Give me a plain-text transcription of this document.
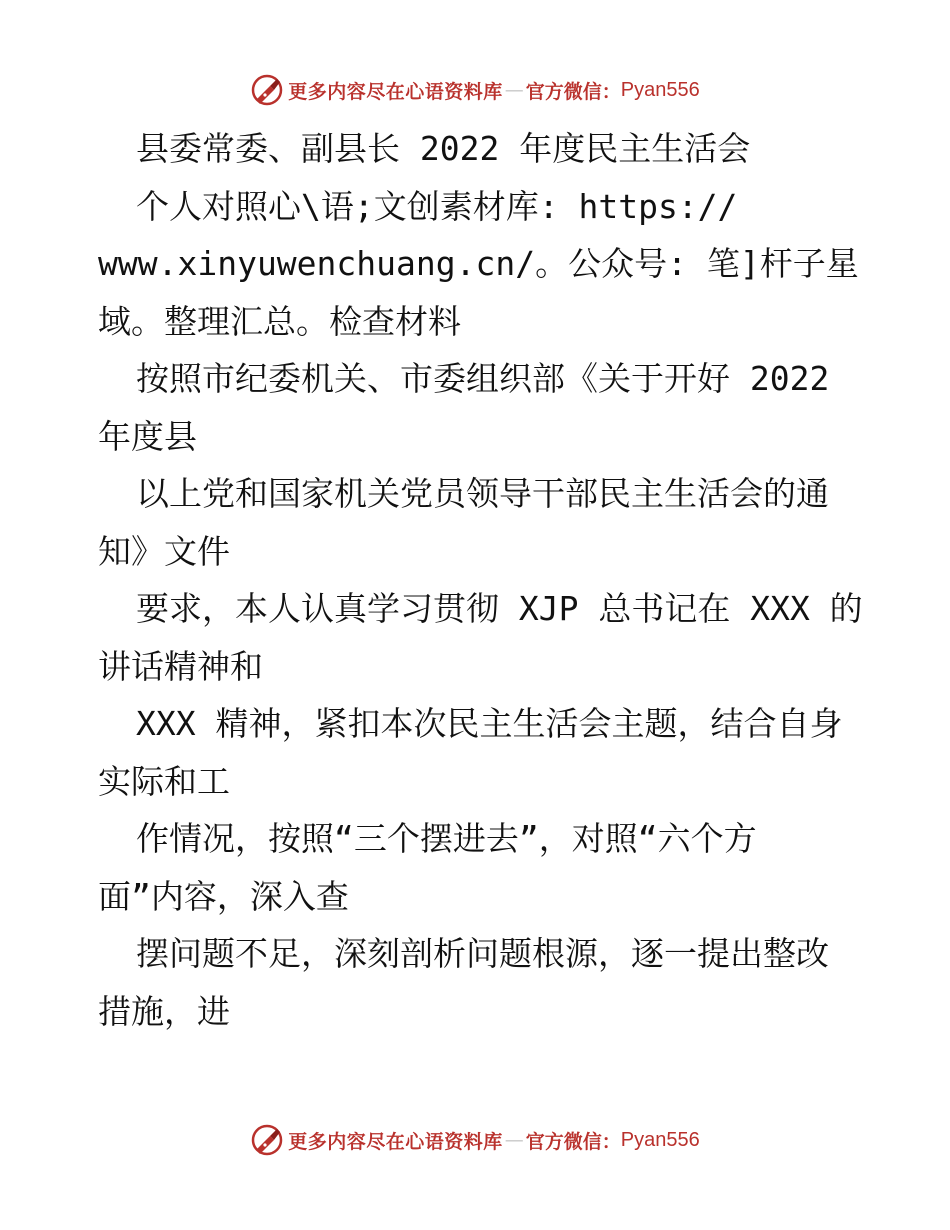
更多内容尽在心语资料库 — 官方微信： Pyan556
县委常委、副县长 2022 年度民主生活会
个人对照心\语;文创素材库: https://
www.xinyuwenchuang.cn/。公众号: 笔]杆子星
域。整理汇总。检查材料
按照市纪委机关、市委组织部《关于开好 2022
年度县
以上党和国家机关党员领导干部民主生活会的通
知》文件
要求，本人认真学习贯彻 XJP 总书记在 XXX 的
讲话精神和
XXX 精神，紧扣本次民主生活会主题，结合自身
实际和工
作情况，按照“三个摆进去”，对照“六个方
面”内容，深入查
摆问题不足，深刻剖析问题根源，逐一提出整改
措施，进
更多内容尽在心语资料库 — 官方微信： Pyan556
